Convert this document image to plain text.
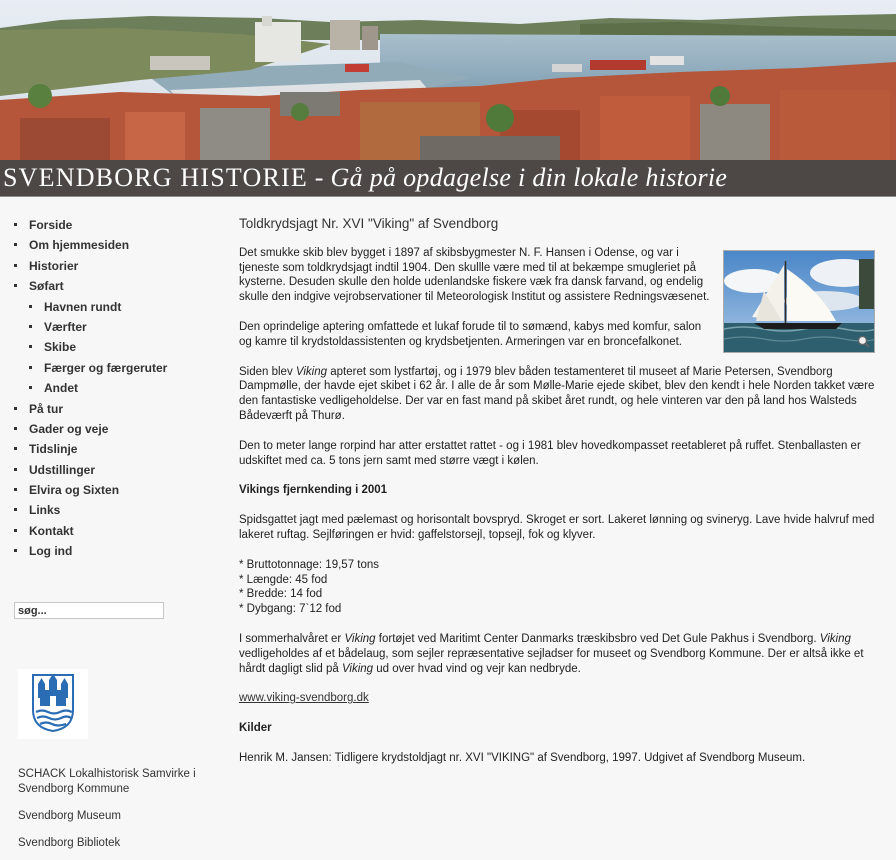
SVENDBORG HISTORIE - Gå på opdagelse i din lokale historie
Forside
Om hjemmesiden
Historier
Søfart
Havnen rundt
Værfter
Skibe
Færger og færgeruter
Andet
På tur
Gader og veje
Tidslinje
Udstillinger
Elvira og Sixten
Links
Kontakt
Log ind
søg...
SCHACK Lokalhistorisk Samvirke i Svendborg Kommune
Svendborg Museum
Svendborg Bibliotek
Toldkrydsjagt Nr. XVI "Viking" af Svendborg

Det smukke skib blev bygget i 1897 af skibsbygmester N. F. Hansen i Odense, og var i tjeneste som toldkrydsjagt indtil 1904. Den skullle være med til at bekæmpe smugleriet på kysterne. Desuden skulle den holde udenlandske fiskere væk fra dansk farvand, og endelig skulle den indgive vejrobservationer til Meteorologisk Institut og assistere Redningsvæsenet.

Den oprindelige aptering omfattede et lukaf forude til to sømænd, kabys med komfur, salon og kamre til krydstoldassistenten og krydsbetjenten. Armeringen var en broncefalkonet.

Siden blev Viking apteret som lystfartøj, og i 1979 blev båden testamenteret til museet af Marie Petersen, Svendborg Dampmølle, der havde ejet skibet i 62 år. I alle de år som Mølle-Marie ejede skibet, blev den kendt i hele Norden takket være den fantastiske vedligeholdelse. Der var en fast mand på skibet året rundt, og hele vinteren var den på land hos Walsteds Bådeværft på Thurø.

Den to meter lange rorpind har atter erstattet rattet - og i 1981 blev hovedkompasset reetableret på ruffet. Stenballasten er udskiftet med ca. 5 tons jern samt med større vægt i kølen.

Vikings fjernkending i 2001

Spidsgattet jagt med pælemast og horisontalt bovspryd. Skroget er sort. Lakeret lønning og svineryg. Lave hvide halvruf med lakeret ruftag. Sejlføringen er hvid: gaffelstorsejl, topsejl, fok og klyver.

* Bruttotonnage: 19,57 tons
* Længde: 45 fod
* Bredde: 14 fod
* Dybgang: 7`12 fod

I sommerhalvåret er Viking fortøjet ved Maritimt Center Danmarks træskibsbro ved Det Gule Pakhus i Svendborg. Viking vedligeholdes af et bådelaug, som sejler repræsentative sejladser for museet og Svendborg Kommune. Der er altså ikke et hårdt dagligt slid på Viking ud over hvad vind og vejr kan nedbryde.

www.viking-svendborg.dk

Kilder

Henrik M. Jansen: Tidligere krydstoldjagt nr. XVI "VIKING" af Svendborg, 1997. Udgivet af Svendborg Museum.
